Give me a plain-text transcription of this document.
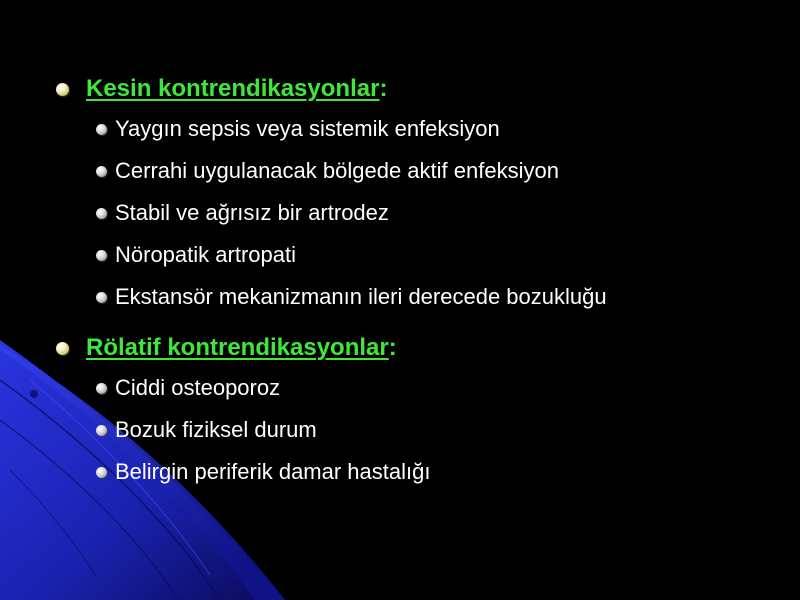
Kesin kontrendikasyonlar:
Yaygın sepsis veya sistemik enfeksiyon
Cerrahi uygulanacak bölgede aktif enfeksiyon
Stabil ve ağrısız bir artrodez
Nöropatik artropati
Ekstansör mekanizmanın ileri derecede bozukluğu
Rölatif kontrendikasyonlar:
Ciddi osteoporoz
Bozuk fiziksel durum
Belirgin periferik damar hastalığı
